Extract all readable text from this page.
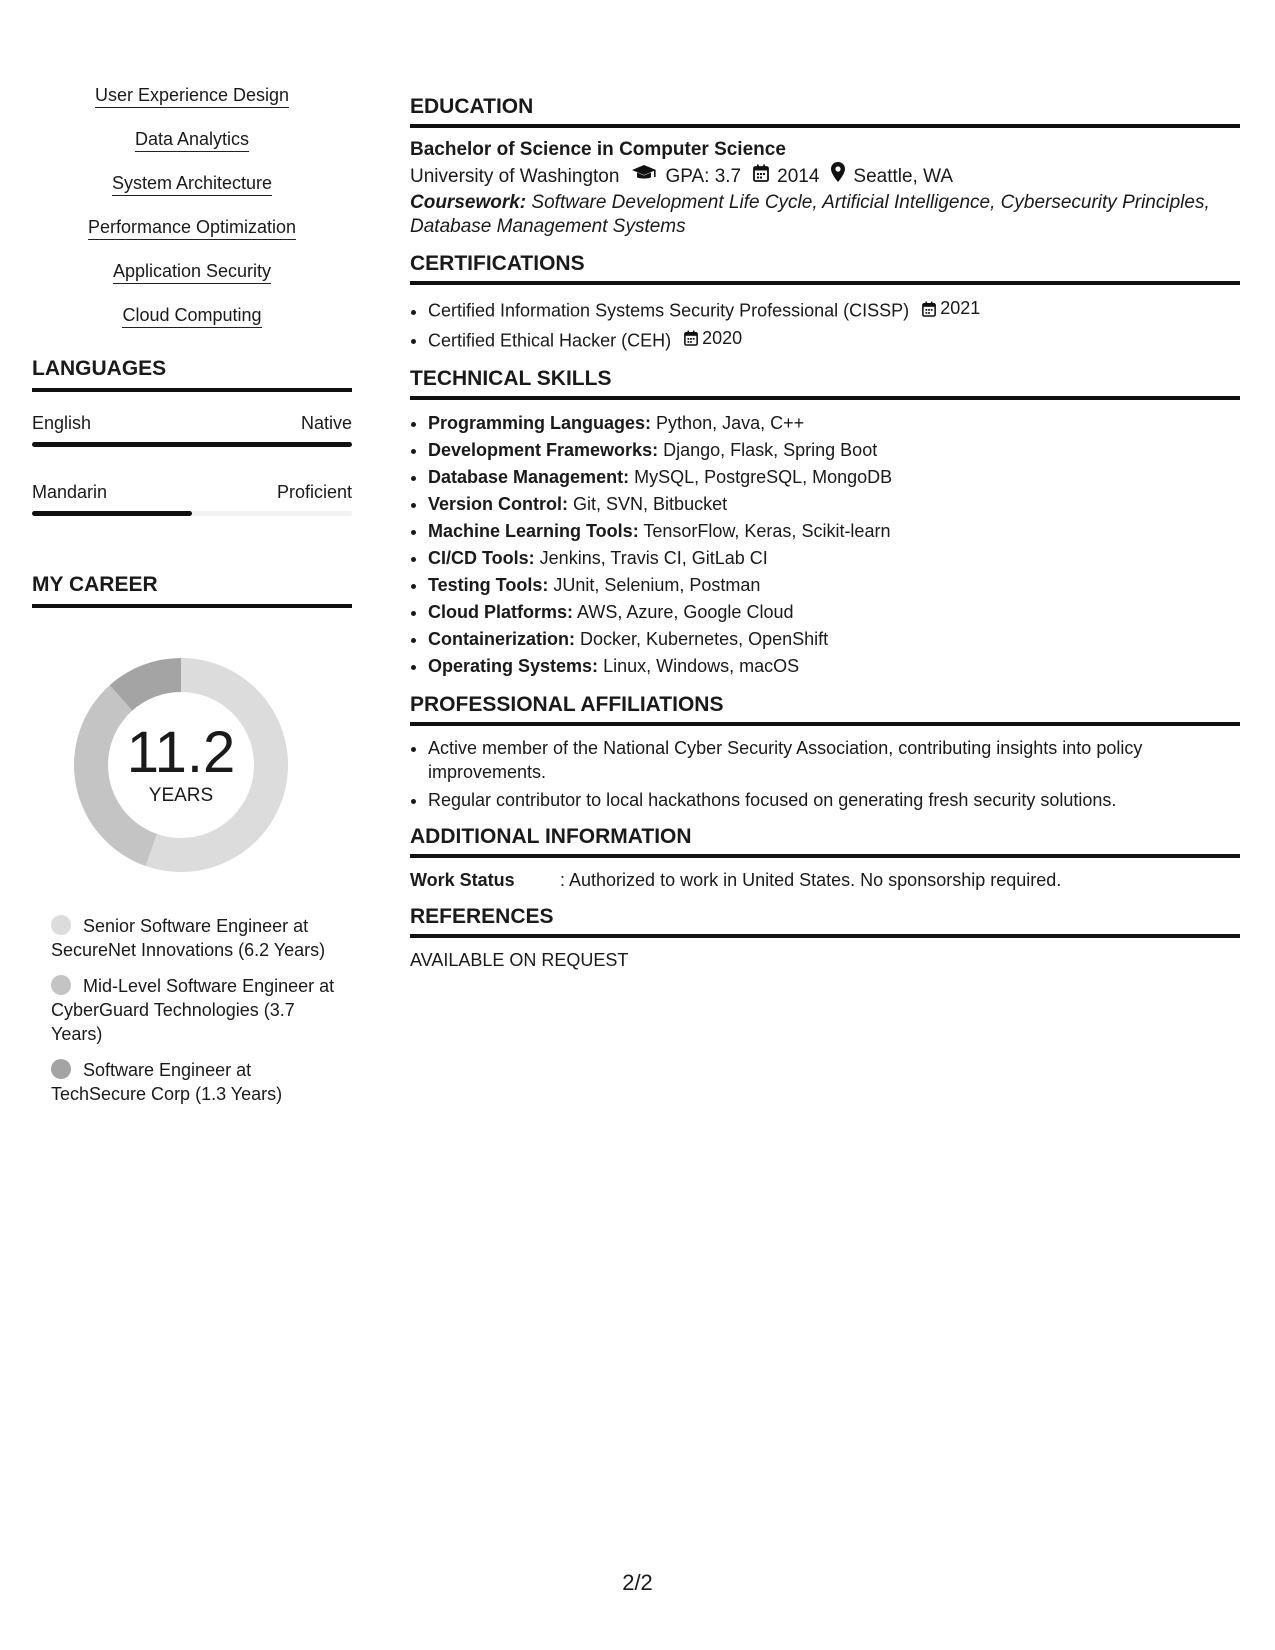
User Experience Design
Data Analytics
System Architecture
Performance Optimization
Application Security
Cloud Computing
LANGUAGES
English	Native
Mandarin	Proficient
MY CAREER
11.2
YEARS
Senior Software Engineer at SecureNet Innovations (6.2 Years)
Mid-Level Software Engineer at CyberGuard Technologies (3.7 Years)
Software Engineer at TechSecure Corp (1.3 Years)
EDUCATION
Bachelor of Science in Computer Science
University of Washington GPA: 3.7 2014 Seattle, WA
Coursework: Software Development Life Cycle, Artificial Intelligence, Cybersecurity Principles, Database Management Systems
CERTIFICATIONS
• Certified Information Systems Security Professional (CISSP) 2021
• Certified Ethical Hacker (CEH) 2020
TECHNICAL SKILLS
• Programming Languages: Python, Java, C++
• Development Frameworks: Django, Flask, Spring Boot
• Database Management: MySQL, PostgreSQL, MongoDB
• Version Control: Git, SVN, Bitbucket
• Machine Learning Tools: TensorFlow, Keras, Scikit-learn
• CI/CD Tools: Jenkins, Travis CI, GitLab CI
• Testing Tools: JUnit, Selenium, Postman
• Cloud Platforms: AWS, Azure, Google Cloud
• Containerization: Docker, Kubernetes, OpenShift
• Operating Systems: Linux, Windows, macOS
PROFESSIONAL AFFILIATIONS
• Active member of the National Cyber Security Association, contributing insights into policy improvements.
• Regular contributor to local hackathons focused on generating fresh security solutions.
ADDITIONAL INFORMATION
Work Status	: Authorized to work in United States. No sponsorship required.
REFERENCES
AVAILABLE ON REQUEST
2/2
